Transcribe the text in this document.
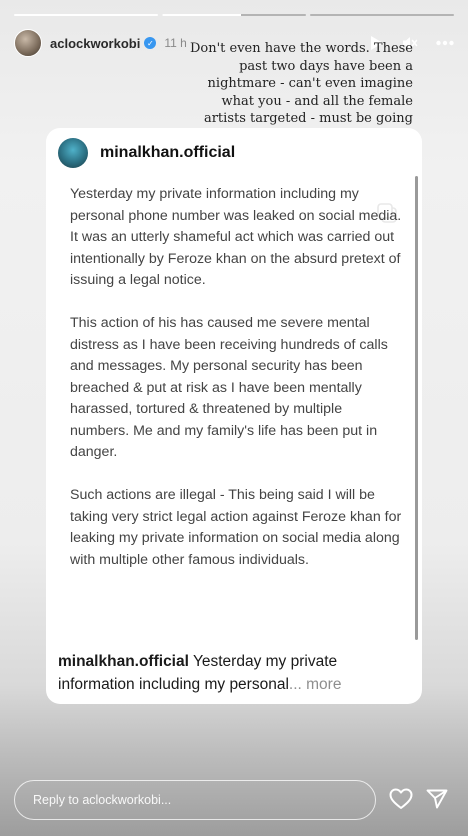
aclockworkobi ✓ 11 h Don't even have the words. These past two days have been a nightmare - can't even imagine what you - and all the female artists targeted - must be going
minalkhan.official

Yesterday my private information including my personal phone number was leaked on social media. It was an utterly shameful act which was carried out intentionally by Feroze khan on the absurd pretext of issuing a legal notice.

This action of his has caused me severe mental distress as I have been receiving hundreds of calls and messages. My personal security has been breached & put at risk as I have been mentally harassed, tortured & threatened by multiple numbers. Me and my family's life has been put in danger.

Such actions are illegal - This being said I will be taking very strict legal action against Feroze khan for leaking my private information on social media along with multiple other famous individuals.

minalkhan.official Yesterday my private information including my personal... more
Reply to aclockworkobi...
